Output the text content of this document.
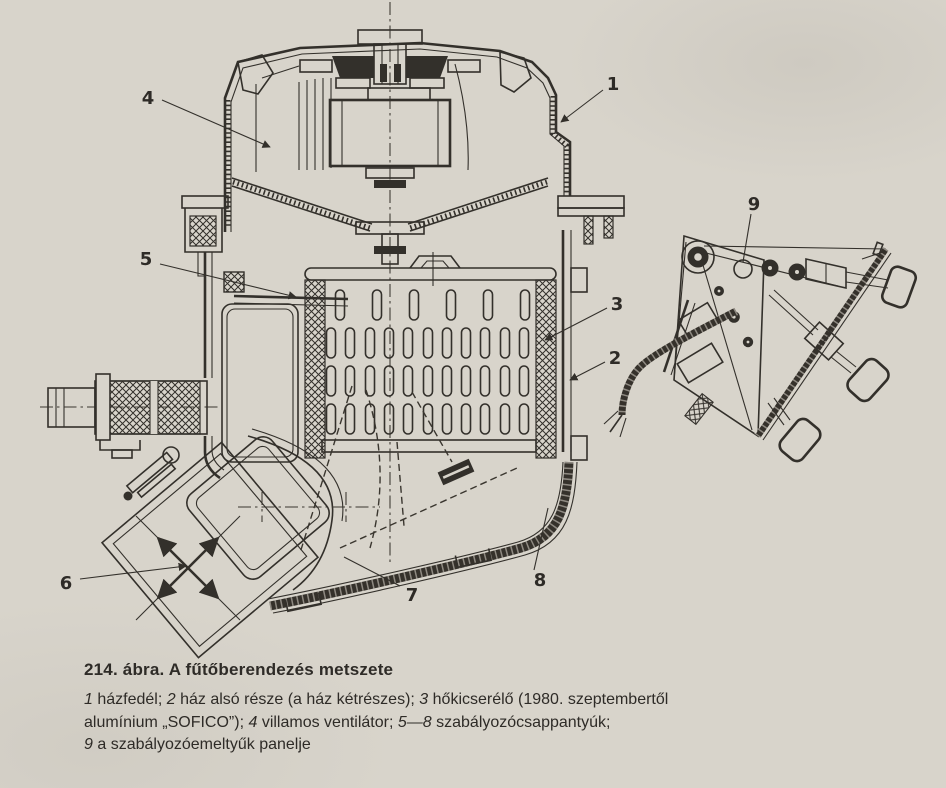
4
1
5
3
2
6
7
8
9
214. ábra. A fűtőberendezés metszete
1 házfedél; 2 ház alsó része (a ház kétrészes); 3 hőkicserélő (1980. szeptembertől
alumínium „SOFICO”); 4 villamos ventilátor; 5—8 szabályozócsappantyúk;
9 a szabályozóemeltyűk panelje
